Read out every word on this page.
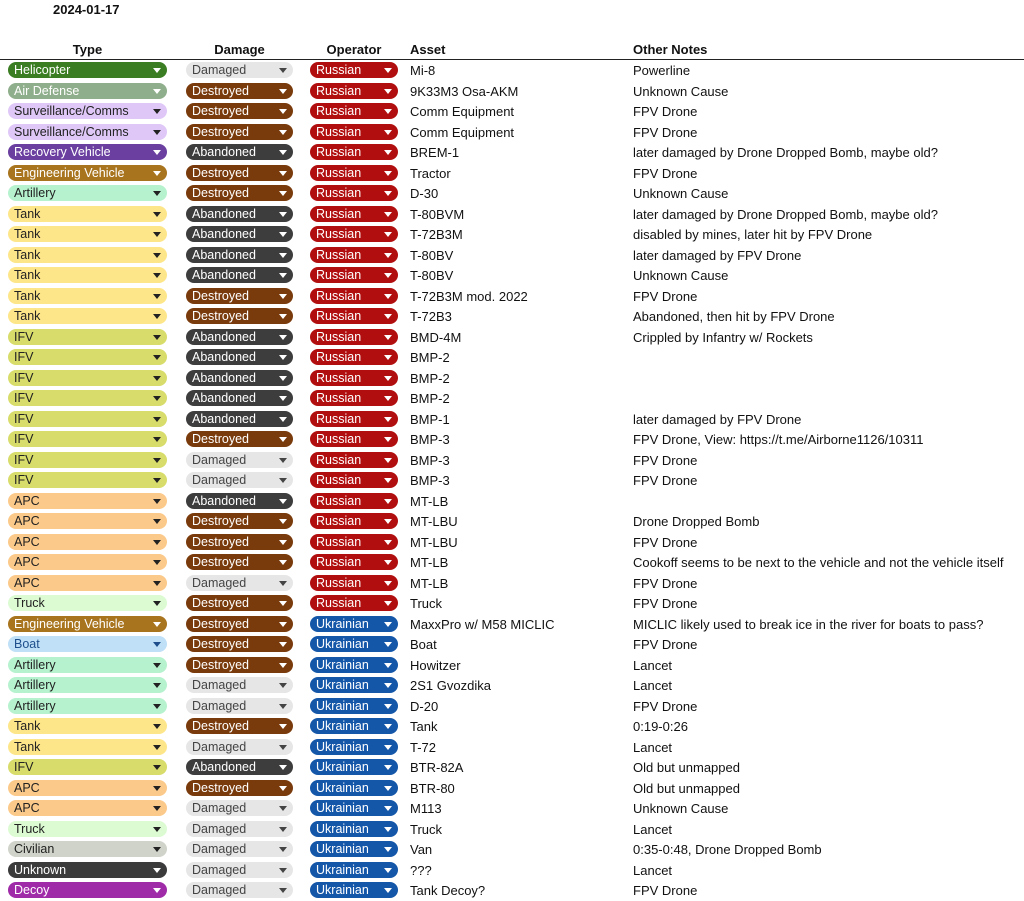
2024-01-17
Type	Damage	Operator	Asset	Other Notes
Helicopter	Damaged	Russian	Mi-8	Powerline
Air Defense	Destroyed	Russian	9K33M3 Osa-AKM	Unknown Cause
Surveillance/Comms	Destroyed	Russian	Comm Equipment	FPV Drone
Surveillance/Comms	Destroyed	Russian	Comm Equipment	FPV Drone
Recovery Vehicle	Abandoned	Russian	BREM-1	later damaged by Drone Dropped Bomb, maybe old?
Engineering Vehicle	Destroyed	Russian	Tractor	FPV Drone
Artillery	Destroyed	Russian	D-30	Unknown Cause
Tank	Abandoned	Russian	T-80BVM	later damaged by Drone Dropped Bomb, maybe old?
Tank	Abandoned	Russian	T-72B3M	disabled by mines, later hit by FPV Drone
Tank	Abandoned	Russian	T-80BV	later damaged by FPV Drone
Tank	Abandoned	Russian	T-80BV	Unknown Cause
Tank	Destroyed	Russian	T-72B3M mod. 2022	FPV Drone
Tank	Destroyed	Russian	T-72B3	Abandoned, then hit by FPV Drone
IFV	Abandoned	Russian	BMD-4M	Crippled by Infantry w/ Rockets
IFV	Abandoned	Russian	BMP-2
IFV	Abandoned	Russian	BMP-2
IFV	Abandoned	Russian	BMP-2
IFV	Abandoned	Russian	BMP-1	later damaged by FPV Drone
IFV	Destroyed	Russian	BMP-3	FPV Drone, View: https://t.me/Airborne1126/10311
IFV	Damaged	Russian	BMP-3	FPV Drone
IFV	Damaged	Russian	BMP-3	FPV Drone
APC	Abandoned	Russian	MT-LB
APC	Destroyed	Russian	MT-LBU	Drone Dropped Bomb
APC	Destroyed	Russian	MT-LBU	FPV Drone
APC	Destroyed	Russian	MT-LB	Cookoff seems to be next to the vehicle and not the vehicle itself
APC	Damaged	Russian	MT-LB	FPV Drone
Truck	Destroyed	Russian	Truck	FPV Drone
Engineering Vehicle	Destroyed	Ukrainian	MaxxPro w/ M58 MICLIC	MICLIC likely used to break ice in the river for boats to pass?
Boat	Destroyed	Ukrainian	Boat	FPV Drone
Artillery	Destroyed	Ukrainian	Howitzer	Lancet
Artillery	Damaged	Ukrainian	2S1 Gvozdika	Lancet
Artillery	Damaged	Ukrainian	D-20	FPV Drone
Tank	Destroyed	Ukrainian	Tank	0:19-0:26
Tank	Damaged	Ukrainian	T-72	Lancet
IFV	Abandoned	Ukrainian	BTR-82A	Old but unmapped
APC	Destroyed	Ukrainian	BTR-80	Old but unmapped
APC	Damaged	Ukrainian	M113	Unknown Cause
Truck	Damaged	Ukrainian	Truck	Lancet
Civilian	Damaged	Ukrainian	Van	0:35-0:48, Drone Dropped Bomb
Unknown	Damaged	Ukrainian	???	Lancet
Decoy	Damaged	Ukrainian	Tank Decoy?	FPV Drone
